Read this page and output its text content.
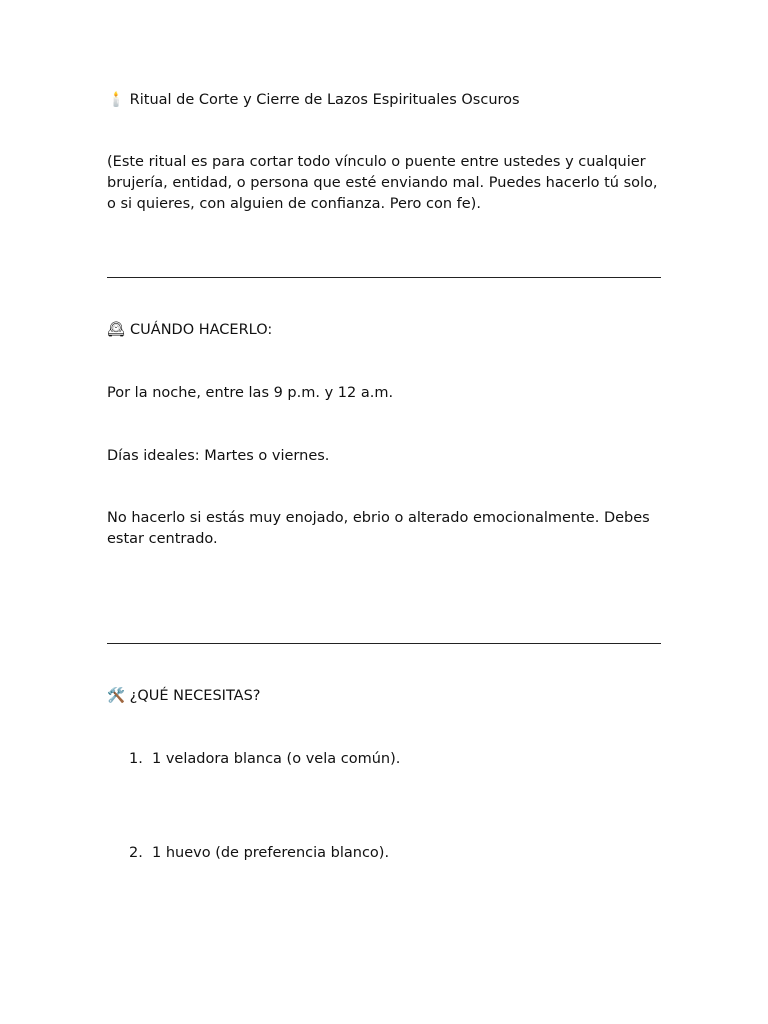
🕯️ Ritual de Corte y Cierre de Lazos Espirituales Oscuros

(Este ritual es para cortar todo vínculo o puente entre ustedes y cualquier brujería, entidad, o persona que esté enviando mal. Puedes hacerlo tú solo, o si quieres, con alguien de confianza. Pero con fe).

🕰 CUÁNDO HACERLO:

Por la noche, entre las 9 p.m. y 12 a.m.

Días ideales: Martes o viernes.

No hacerlo si estás muy enojado, ebrio o alterado emocionalmente. Debes estar centrado.

🛠️ ¿QUÉ NECESITAS?

1. 1 veladora blanca (o vela común).
2. 1 huevo (de preferencia blanco).
